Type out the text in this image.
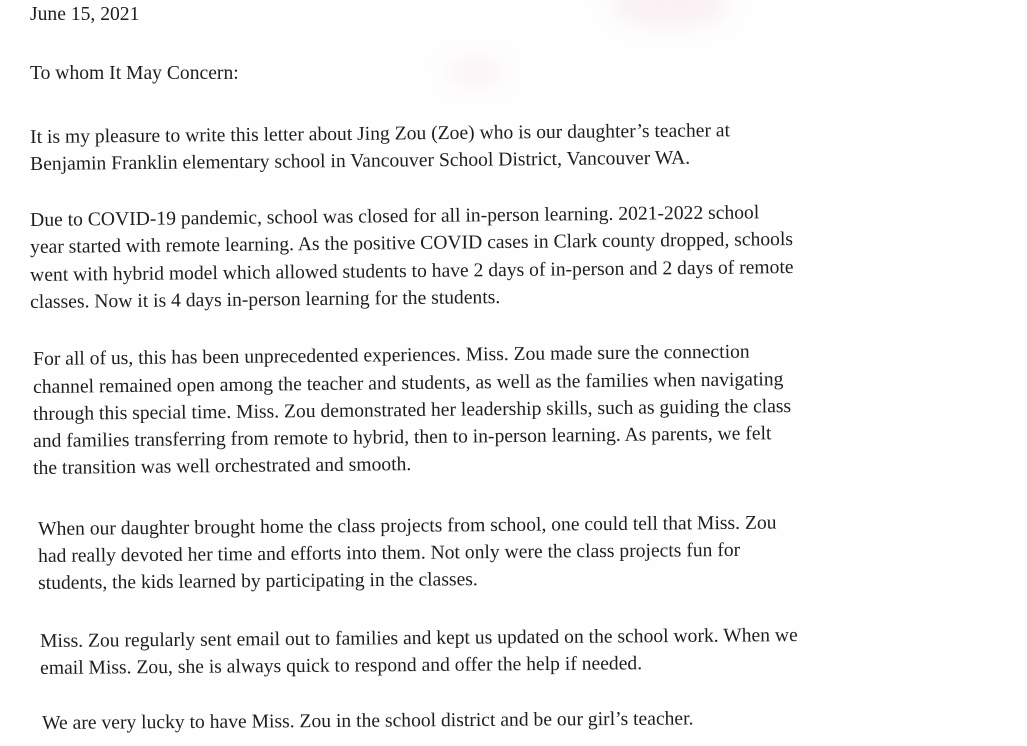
June 15, 2021

To whom It May Concern:

It is my pleasure to write this letter about Jing Zou (Zoe) who is our daughter’s teacher at

Benjamin Franklin elementary school in Vancouver School District, Vancouver WA.

Due to COVID-19 pandemic, school was closed for all in-person learning. 2021-2022 school

year started with remote learning. As the positive COVID cases in Clark county dropped, schools

went with hybrid model which allowed students to have 2 days of in-person and 2 days of remote

classes. Now it is 4 days in-person learning for the students.

For all of us, this has been unprecedented experiences. Miss. Zou made sure the connection

channel remained open among the teacher and students, as well as the families when navigating

through this special time. Miss. Zou demonstrated her leadership skills, such as guiding the class

and families transferring from remote to hybrid, then to in-person learning. As parents, we felt

the transition was well orchestrated and smooth.

When our daughter brought home the class projects from school, one could tell that Miss. Zou

had really devoted her time and efforts into them. Not only were the class projects fun for

students, the kids learned by participating in the classes.

Miss. Zou regularly sent email out to families and kept us updated on the school work. When we

email Miss. Zou, she is always quick to respond and offer the help if needed.

We are very lucky to have Miss. Zou in the school district and be our girl’s teacher.
